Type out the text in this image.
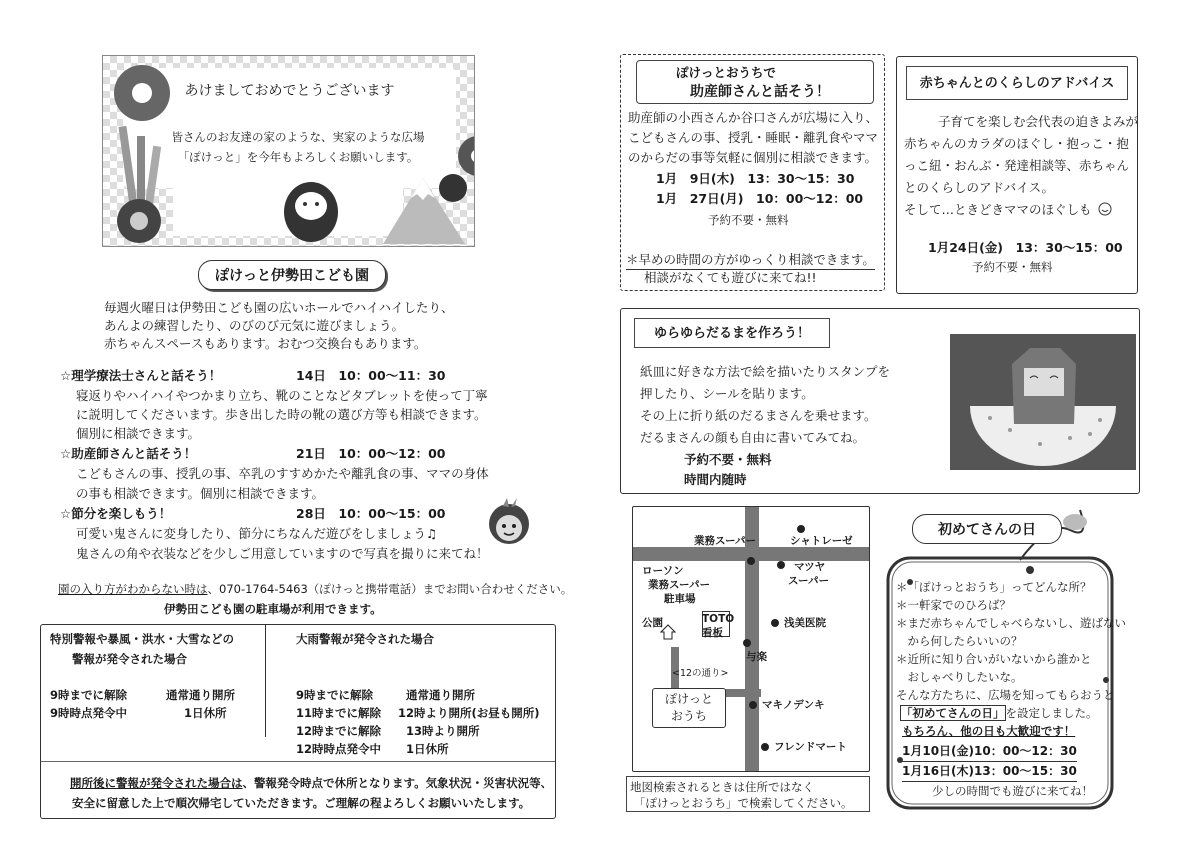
あけましておめでとうございます
皆さんのお友達の家のような、実家のような広場
「ぽけっと」を今年もよろしくお願いします。
ぽけっと伊勢田こども園
毎週火曜日は伊勢田こども園の広いホールでハイハイしたり、
あんよの練習したり、のびのび元気に遊びましょう。
赤ちゃんスペースもあります。おむつ交換台もあります。
☆理学療法士さんと話そう！	14日　10：00～11：30
寝返りやハイハイやつかまり立ち、靴のことなどタブレットを使って丁寧
に説明してくださいます。歩き出した時の靴の選び方等も相談できます。
個別に相談できます。
☆助産師さんと話そう！	21日　10：00～12：00
こどもさんの事、授乳の事、卒乳のすすめかたや離乳食の事、ママの身体
の事も相談できます。個別に相談できます。
☆節分を楽しもう！	28日　10：00～15：00
可愛い鬼さんに変身したり、節分にちなんだ遊びをしましょう♫
鬼さんの角や衣装などを少しご用意していますので写真を撮りに来てね！
園の入り方がわからない時は、070-1764-5463（ぽけっと携帯電話）までお問い合わせください。
伊勢田こども園の駐車場が利用できます。
特別警報や暴風・洪水・大雪などの
警報が発令された場合
9時までに解除	通常通り開所
9時時点発令中	1日休所
大雨警報が発令された場合
9時までに解除	通常通り開所
11時までに解除 12時より開所(お昼も開所)
12時までに解除 13時より開所
12時時点発令中 1日休所
開所後に警報が発令された場合は、警報発令時点で休所となります。気象状況・災害状況等、
安全に留意した上で順次帰宅していただきます。ご理解の程よろしくお願いいたします。
ぽけっとおうちで
助産師さんと話そう！
助産師の小西さんか谷口さんが広場に入り、
こどもさんの事、授乳・睡眠・離乳食やママ
のからだの事等気軽に個別に相談できます。
1月　9日(木)　13：30～15：30
1月　27日(月)　10：00～12：00
予約不要・無料
＊早めの時間の方がゆっくり相談できます。
相談がなくても遊びに来てね!!
赤ちゃんとのくらしのアドバイス
子育てを楽しむ会代表の迫きよみが
赤ちゃんのカラダのほぐし・抱っこ・抱
っこ紐・おんぶ・発達相談等、赤ちゃん
とのくらしのアドバイス。
そして…ときどきママのほぐしも
1月24日(金)　13：30～15：00
予約不要・無料
ゆらゆらだるまを作ろう！
紙皿に好きな方法で絵を描いたりスタンプを
押したり、シールを貼ります。
その上に折り紙のだるまさんを乗せます。
だるまさんの顔も自由に書いてみてね。
予約不要・無料
時間内随時
業務スーパー	シャトレーゼ
ローソン
業務スーパー
駐車場
マツヤ
スーパー
TOTO
看板
公園	浅美医院
与楽
<12の通り>
マキノデンキ
フレンドマート
ぽけっと
おうち
地図検索されるときは住所ではなく
「ぽけっとおうち」で検索してください。
初めてさんの日
＊「ぽけっとおうち」ってどんな所？
＊一軒家でのひろば？
＊まだ赤ちゃんでしゃべらないし、遊ばない
　から何したらいいの？
＊近所に知り合いがいないから誰かと
　おしゃべりしたいな。
そんな方たちに、広場を知ってもらおうと
「初めてさんの日」を設定しました。
もちろん、他の日も大歓迎です！
1月10日(金)10：00～12：30
1月16日(木)13：00～15：30
少しの時間でも遊びに来てね！
